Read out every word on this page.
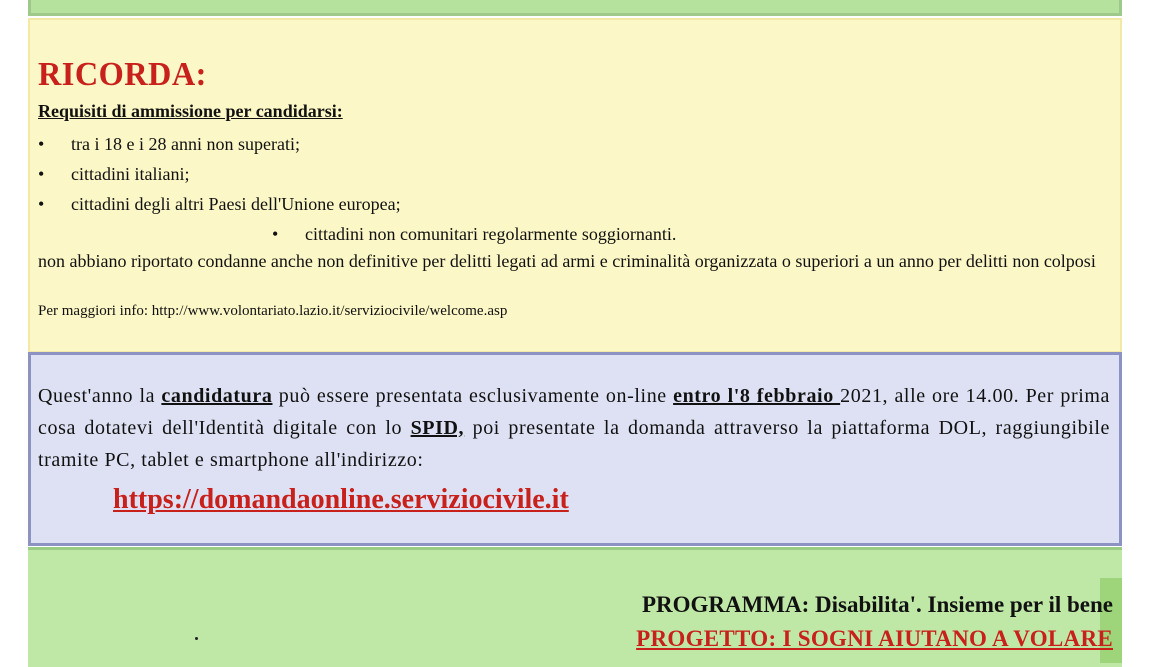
RICORDA:
Requisiti di ammissione per candidarsi:
• tra i 18 e i 28 anni non superati;
• cittadini italiani;
• cittadini degli altri Paesi dell'Unione europea;
• cittadini non comunitari regolarmente soggiornanti.
non abbiano riportato condanne anche non definitive per delitti legati ad armi e criminalità organizzata o superiori a un anno per delitti non colposi
Per maggiori info: http://www.volontariato.lazio.it/serviziocivile/welcome.asp
Quest'anno la candidatura può essere presentata esclusivamente on-line entro l'8 febbraio 2021, alle ore 14.00. Per prima cosa dotatevi dell'Identità digitale con lo SPID, poi presentate la domanda attraverso la piattaforma DOL, raggiungibile tramite PC, tablet e smartphone all'indirizzo:
https://domandaonline.serviziocivile.it
PROGRAMMA: Disabilita'. Insieme per il bene
PROGETTO: I SOGNI AIUTANO A VOLARE
